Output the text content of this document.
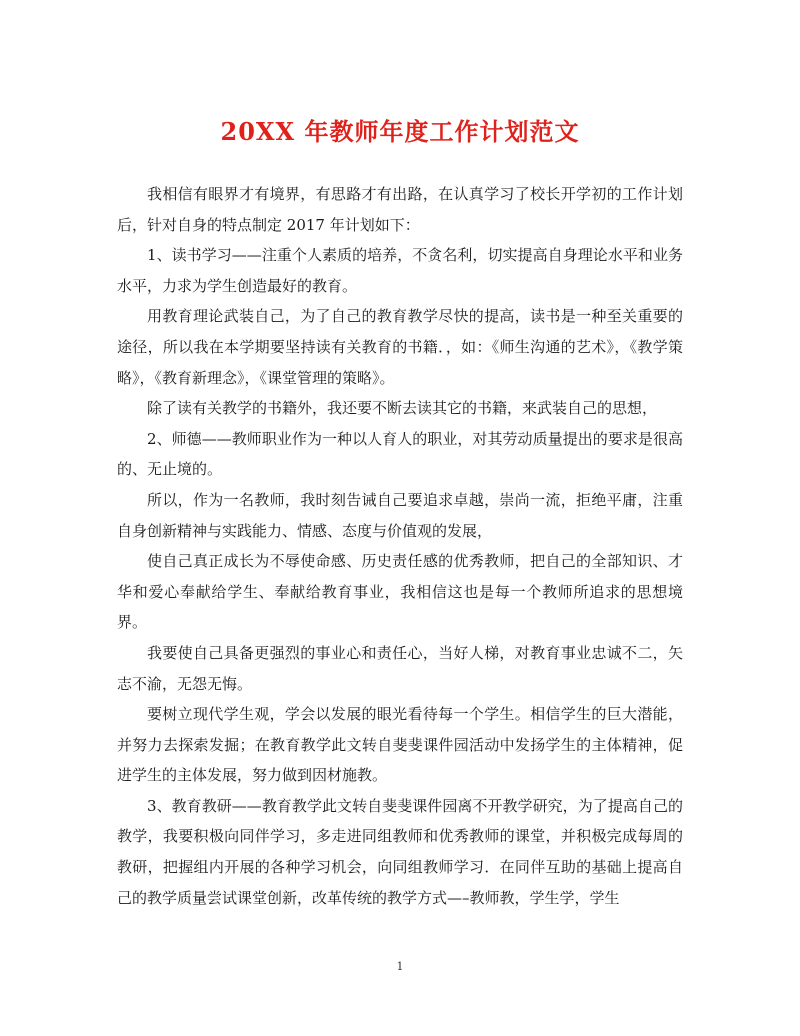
20XX 年教师年度工作计划范文

我相信有眼界才有境界，有思路才有出路，在认真学习了校长开学初的工作计划后，针对自身的特点制定 2017 年计划如下：

1、读书学习——注重个人素质的培养，不贪名利，切实提高自身理论水平和业务水平，力求为学生创造最好的教育。

用教育理论武装自己，为了自己的教育教学尽快的提高，读书是一种至关重要的途径，所以我在本学期要坚持读有关教育的书籍．，如：《师生沟通的艺术》，《教学策略》，《教育新理念》，《课堂管理的策略》。

除了读有关教学的书籍外，我还要不断去读其它的书籍，来武装自己的思想，

2、师德——教师职业作为一种以人育人的职业，对其劳动质量提出的要求是很高的、无止境的。

所以，作为一名教师，我时刻告诫自己要追求卓越，崇尚一流，拒绝平庸，注重自身创新精神与实践能力、情感、态度与价值观的发展，

使自己真正成长为不辱使命感、历史责任感的优秀教师，把自己的全部知识、才华和爱心奉献给学生、奉献给教育事业，我相信这也是每一个教师所追求的思想境界。

我要使自己具备更强烈的事业心和责任心，当好人梯，对教育事业忠诚不二，矢志不渝，无怨无悔。

要树立现代学生观，学会以发展的眼光看待每一个学生。相信学生的巨大潜能，并努力去探索发掘；在教育教学此文转自斐斐课件园活动中发扬学生的主体精神，促进学生的主体发展，努力做到因材施教。

3、教育教研——教育教学此文转自斐斐课件园离不开教学研究，为了提高自己的教学，我要积极向同伴学习，多走进同组教师和优秀教师的课堂，并积极完成每周的教研，把握组内开展的各种学习机会，向同组教师学习．在同伴互助的基础上提高自己的教学质量尝试课堂创新，改革传统的教学方式—–教师教，学生学，学生

1
